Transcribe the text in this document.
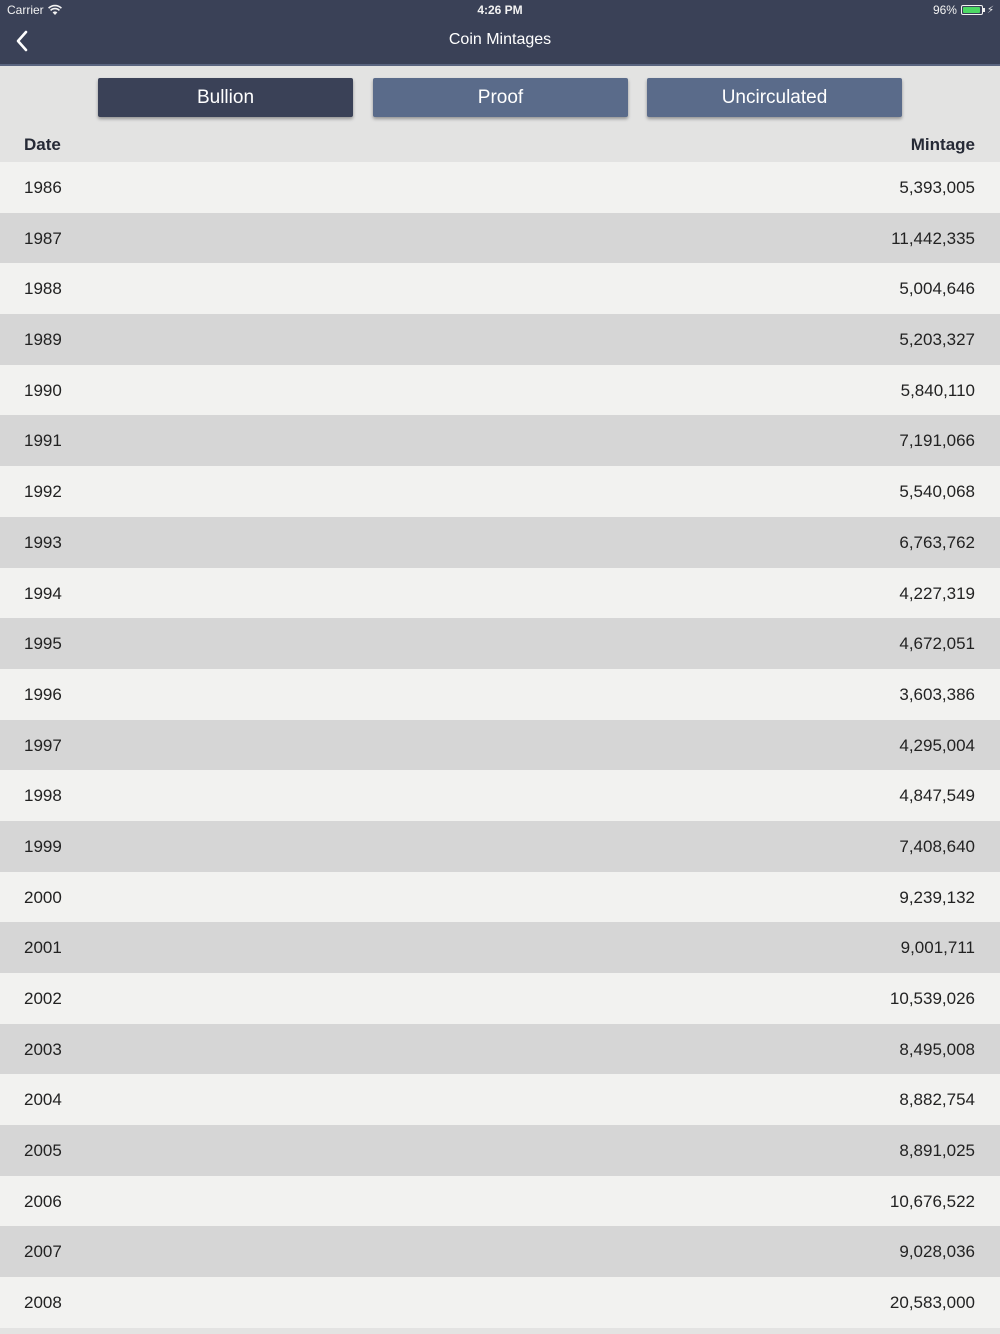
Carrier	4:26 PM	96%	⚡
Coin Mintages
Bullion	Proof	Uncirculated
Date	Mintage
1986	5,393,005
1987	11,442,335
1988	5,004,646
1989	5,203,327
1990	5,840,110
1991	7,191,066
1992	5,540,068
1993	6,763,762
1994	4,227,319
1995	4,672,051
1996	3,603,386
1997	4,295,004
1998	4,847,549
1999	7,408,640
2000	9,239,132
2001	9,001,711
2002	10,539,026
2003	8,495,008
2004	8,882,754
2005	8,891,025
2006	10,676,522
2007	9,028,036
2008	20,583,000
